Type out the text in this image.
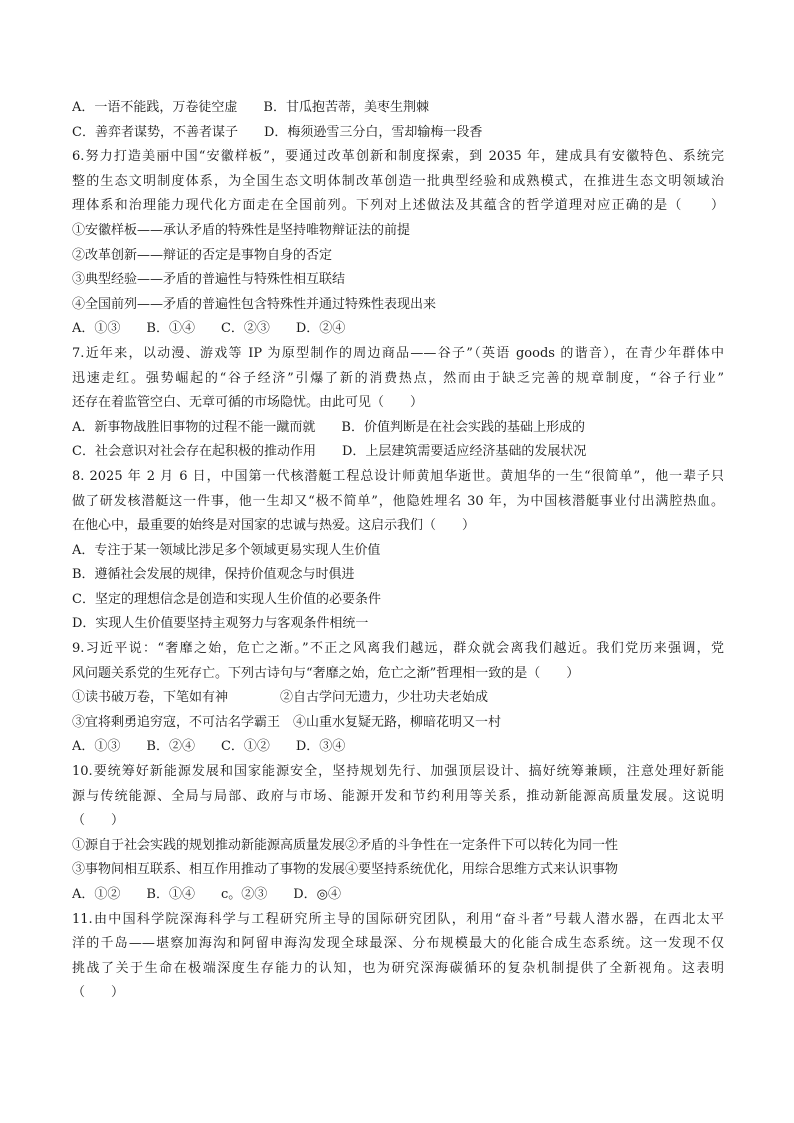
A．一语不能践，万卷徒空虚　　B．甘瓜抱苦蒂，美枣生荆棘
C．善弈者谋势，不善者谋子　　D．梅须逊雪三分白，雪却输梅一段香
6.努力打造美丽中国“安徽样板”，要通过改革创新和制度探索，到 2035 年，建成具有安徽特色、系统完
整的生态文明制度体系，为全国生态文明体制改革创造一批典型经验和成熟模式，在推进生态文明领域治
理体系和治理能力现代化方面走在全国前列。下列对上述做法及其蕴含的哲学道理对应正确的是（　　）
①安徽样板——承认矛盾的特殊性是坚持唯物辩证法的前提
②改革创新——辩证的否定是事物自身的否定
③典型经验——矛盾的普遍性与特殊性相互联结
④全国前列——矛盾的普遍性包含特殊性并通过特殊性表现出来
A．①③　　B．①④　　C．②③　　D．②④
7.近年来，以动漫、游戏等 IP 为原型制作的周边商品——谷子”（英语 goods 的谐音），在青少年群体中
迅速走红。强势崛起的“谷子经济”引爆了新的消费热点，然而由于缺乏完善的规章制度，“谷子行业”
还存在着监管空白、无章可循的市场隐忧。由此可见（　　）
A．新事物战胜旧事物的过程不能一蹴而就　　B．价值判断是在社会实践的基础上形成的
C．社会意识对社会存在起积极的推动作用　　D．上层建筑需要适应经济基础的发展状况
8. 2025 年 2 月 6 日，中国第一代核潜艇工程总设计师黄旭华逝世。黄旭华的一生“很简单”，他一辈子只
做了研发核潜艇这一件事，他一生却又“极不简单”，他隐姓埋名 30 年，为中国核潜艇事业付出满腔热血。
在他心中，最重要的始终是对国家的忠诚与热爱。这启示我们（　　）
A．专注于某一领域比涉足多个领域更易实现人生价值
B．遵循社会发展的规律，保持价值观念与时俱进
C．坚定的理想信念是创造和实现人生价值的必要条件
D．实现人生价值要坚持主观努力与客观条件相统一
9.习近平说：“奢靡之始，危亡之渐。”不正之风离我们越远，群众就会离我们越近。我们党历来强调，党
风问题关系党的生死存亡。下列古诗句与“奢靡之始，危亡之渐”哲理相一致的是（　　）
①读书破万卷，下笔如有神　　　　②自古学问无遗力，少壮功夫老始成
③宜将剩勇追穷寇，不可沽名学霸王　④山重水复疑无路，柳暗花明又一村
A．①③　　B．②④　　C．①②　　D．③④
10.要统筹好新能源发展和国家能源安全，坚持规划先行、加强顶层设计、搞好统筹兼顾，注意处理好新能
源与传统能源、全局与局部、政府与市场、能源开发和节约利用等关系，推动新能源高质量发展。这说明
（　　）
①源自于社会实践的规划推动新能源高质量发展②矛盾的斗争性在一定条件下可以转化为同一性
③事物间相互联系、相互作用推动了事物的发展④要坚持系统优化，用综合思维方式来认识事物
A．①②　　B．①④　　c。②③　　D．◎④
11.由中国科学院深海科学与工程研究所主导的国际研究团队，利用“奋斗者”号载人潜水器，在西北太平
洋的千岛——堪察加海沟和阿留申海沟发现全球最深、分布规模最大的化能合成生态系统。这一发现不仅
挑战了关于生命在极端深度生存能力的认知，也为研究深海碳循环的复杂机制提供了全新视角。这表明
（　　）
